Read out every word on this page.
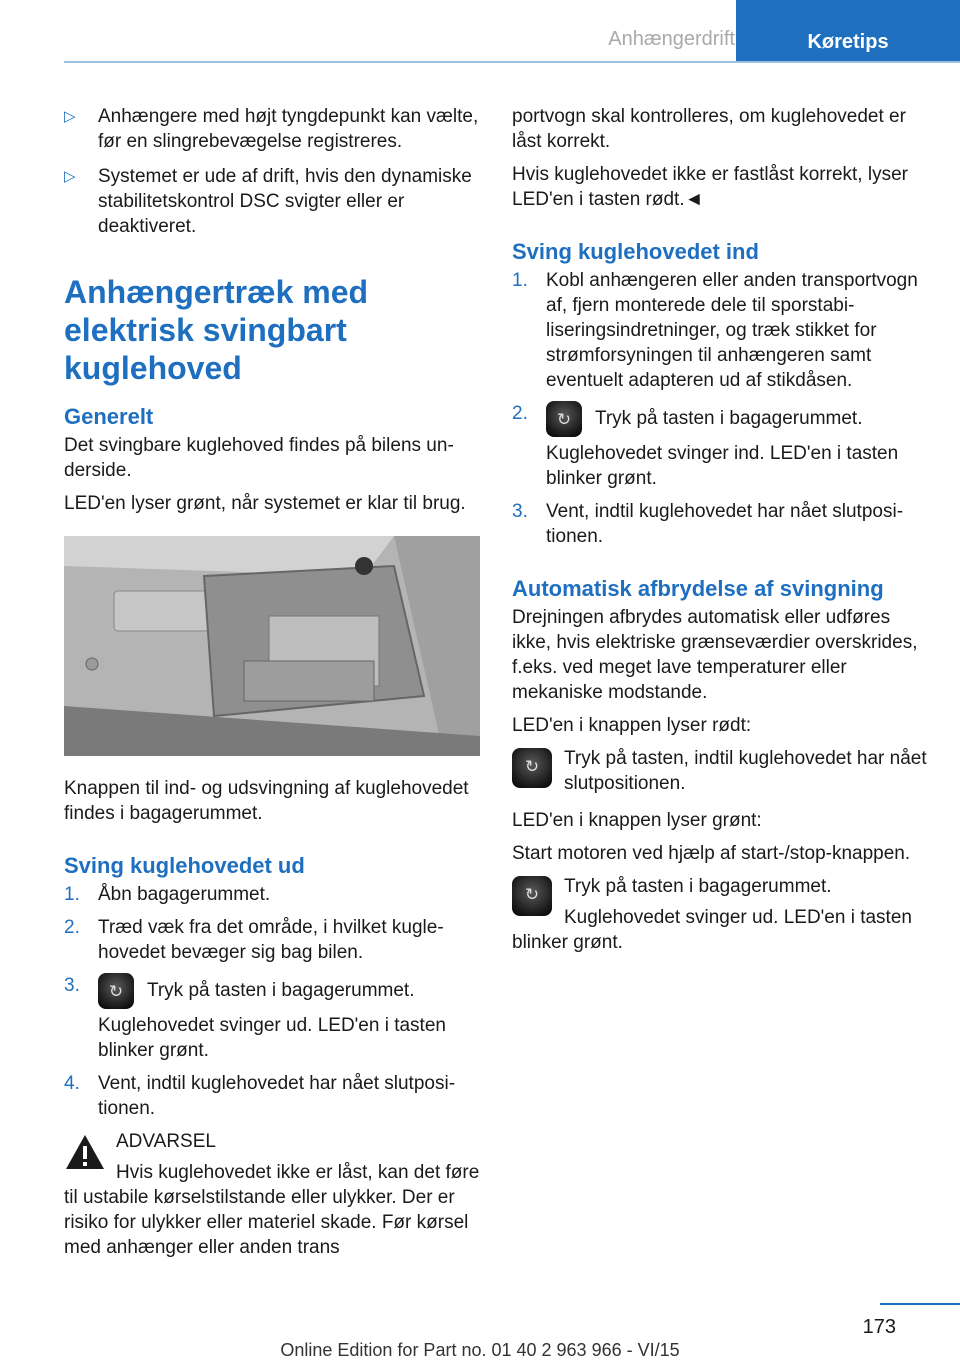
Anhængerdrift	Køretips
▷ Anhængere med højt tyngdepunkt kan vælte, før en slingrebevægelse registreres.
▷ Systemet er ude af drift, hvis den dynamiske stabilitetskontrol DSC svigter eller er deaktiveret.
Anhængertræk med elektrisk svingbart kuglehoved
Generelt

Det svingbare kuglehoved findes på bilens underside.

LED'en lyser grønt, når systemet er klar til brug.

Knappen til ind- og udsvingning af kuglehovedet findes i bagagerummet.

Sving kuglehovedet ud
1. Åbn bagagerummet.
2. Træd væk fra det område, i hvilket kuglehovedet bevæger sig bag bilen.
3. ↻	Tryk på tasten i bagagerummet.
Kuglehovedet svinger ud. LED'en i tasten blinker grønt.
4. Vent, indtil kuglehovedet har nået slutpositionen.
ADVARSEL
Hvis kuglehovedet ikke er låst, kan det føre til ustabile kørselstilstande eller ulykker. Der er risiko for ulykker eller materiel skade. Før kørsel med anhænger eller anden trans

portvogn skal kontrolleres, om kuglehovedet er låst korrekt.

Hvis kuglehovedet ikke er fastlåst korrekt, lyser LED'en i tasten rødt.◄

Sving kuglehovedet ind
1. Kobl anhængeren eller anden transportvogn af, fjern monterede dele til sporstabiliseringsindretninger, og træk stikket for strømforsyningen til anhængeren samt eventuelt adapteren ud af stikdåsen.
2. ↻	Tryk på tasten i bagagerummet.
Kuglehovedet svinger ind. LED'en i tasten blinker grønt.
3. Vent, indtil kuglehovedet har nået slutpositionen.
Automatisk afbrydelse af svingning

Drejningen afbrydes automatisk eller udføres ikke, hvis elektriske grænseværdier overskrides, f.eks. ved meget lave temperaturer eller mekaniske modstande.

LED'en i knappen lyser rødt:

↻
Tryk på tasten, indtil kuglehovedet har nået slutpositionen.

LED'en i knappen lyser grønt:

Start motoren ved hjælp af start-/stop-knappen.

↻
Tryk på tasten i bagagerummet.
Kuglehovedet svinger ud. LED'en i tasten blinker grønt.
173
Online Edition for Part no. 01 40 2 963 966 - VI/15
